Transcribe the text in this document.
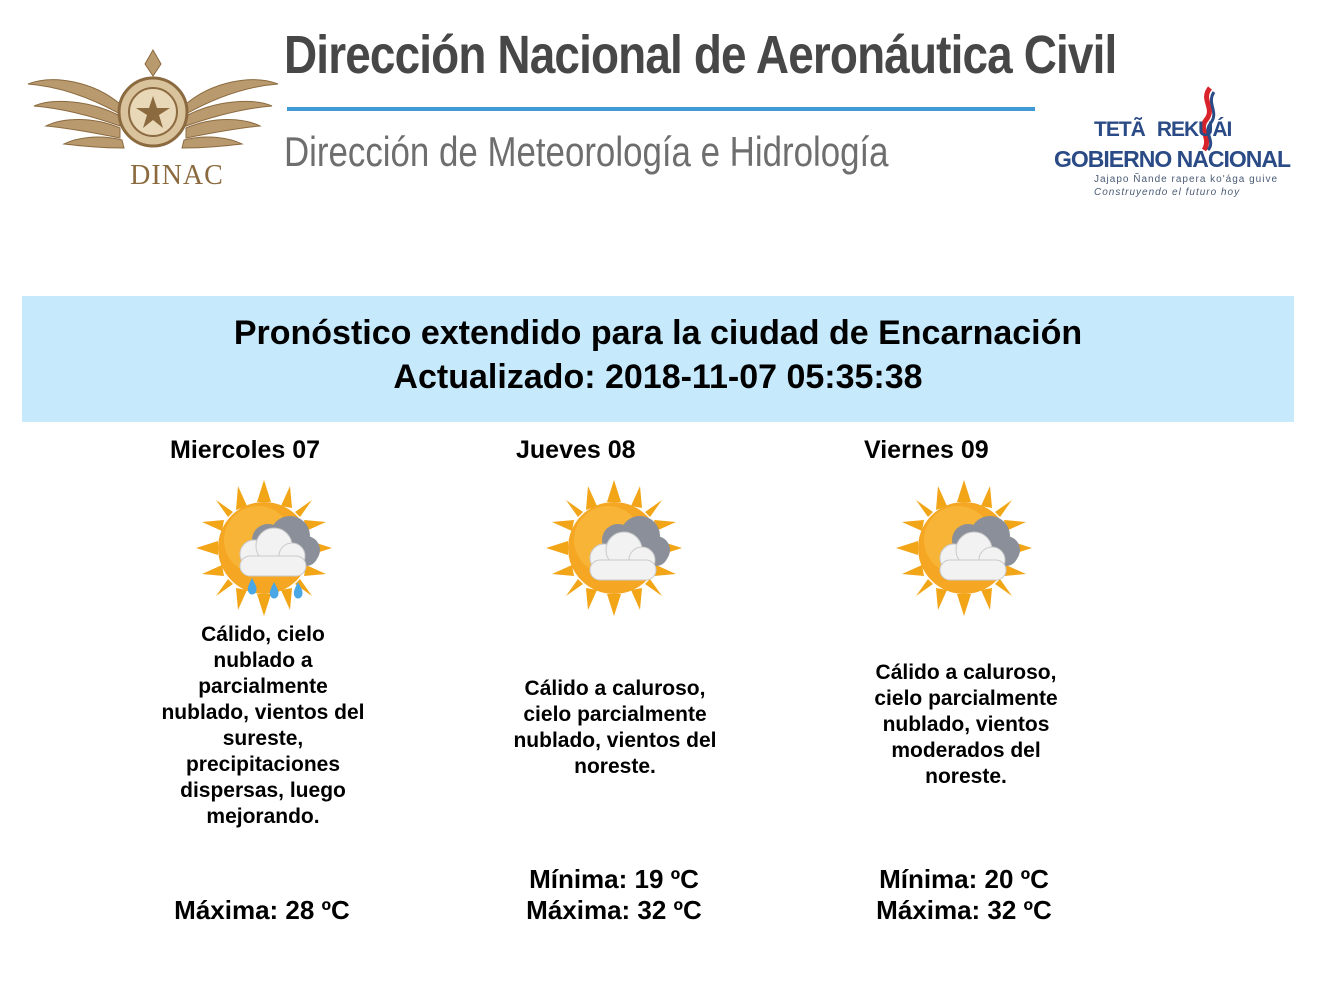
DINAC
Dirección Nacional de Aeronáutica Civil
Dirección de Meteorología e Hidrología	TETÃ REKUÁI
GOBIERNO NACIONAL
Jajapo Ñande rapera ko'ága guive
Construyendo el futuro hoy
Pronóstico extendido para la ciudad de Encarnación
Actualizado: 2018-11-07 05:35:38
Miercoles 07
Cálido, cielo nublado a parcialmente nublado, vientos del sureste, precipitaciones dispersas, luego mejorando.
Máxima: 28 ºC
Jueves 08
Cálido a caluroso, cielo parcialmente nublado, vientos del noreste.
Mínima: 19 ºC
Máxima: 32 ºC
Viernes 09
Cálido a caluroso, cielo parcialmente nublado, vientos moderados del noreste.
Mínima: 20 ºC
Máxima: 32 ºC
